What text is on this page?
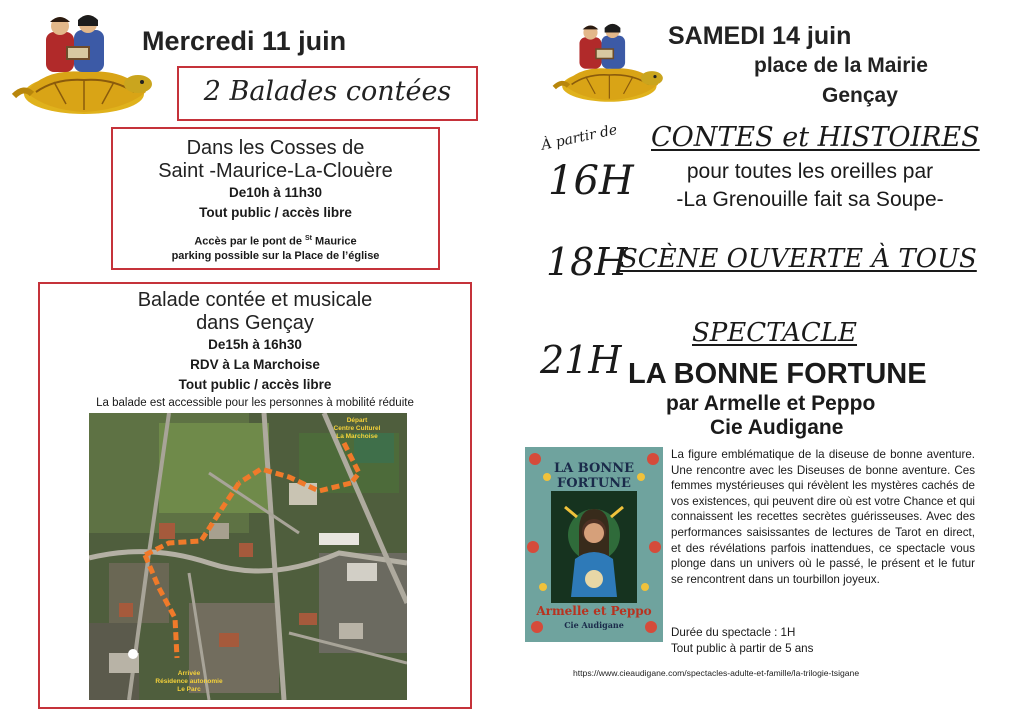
Mercredi 11 juin
2 Balades contées
Dans les Cosses de
Saint -Maurice-La-Clouère
De10h à 11h30
Tout public / accès libre
Accès par le pont de $^{St}$ Maurice
parking possible sur la Place de l’église
Balade contée et musicale
dans Gençay
De15h à 16h30
RDV à La Marchoise
Tout public / accès libre
La balade est accessible pour les personnes à mobilité réduite
Départ
Centre Culturel
La Marchoise
Arrivée
Résidence autonomie
Le Parc
SAMEDI 14 juin
place de la Mairie
Gençay
À partir de
16H
CONTES et HISTOIRES
pour toutes les oreilles par
-La Grenouille fait sa Soupe-
18H
SCÈNE OUVERTE À TOUS
21H
SPECTACLE
LA BONNE FORTUNE
par Armelle et Peppo
Cie Audigane
LA BONNE
FORTUNE
Armelle et Peppo
Cie Audigane
La figure emblématique de la diseuse de bonne aventure. Une rencontre avec les Diseuses de bonne aventure. Ces femmes mystérieuses qui révèlent les mystères cachés de vos existences, qui peuvent dire où est votre Chance et qui connaissent les recettes secrètes guérisseuses. Avec des performances saisissantes de lectures de Tarot en direct, et des révélations parfois inattendues, ce spectacle vous plonge dans un univers où le passé, le présent et le futur se rencontrent dans un tourbillon joyeux.
Durée du spectacle : 1H
Tout public à partir de 5 ans
https://www.cieaudigane.com/spectacles-adulte-et-famille/la-trilogie-tsigane
